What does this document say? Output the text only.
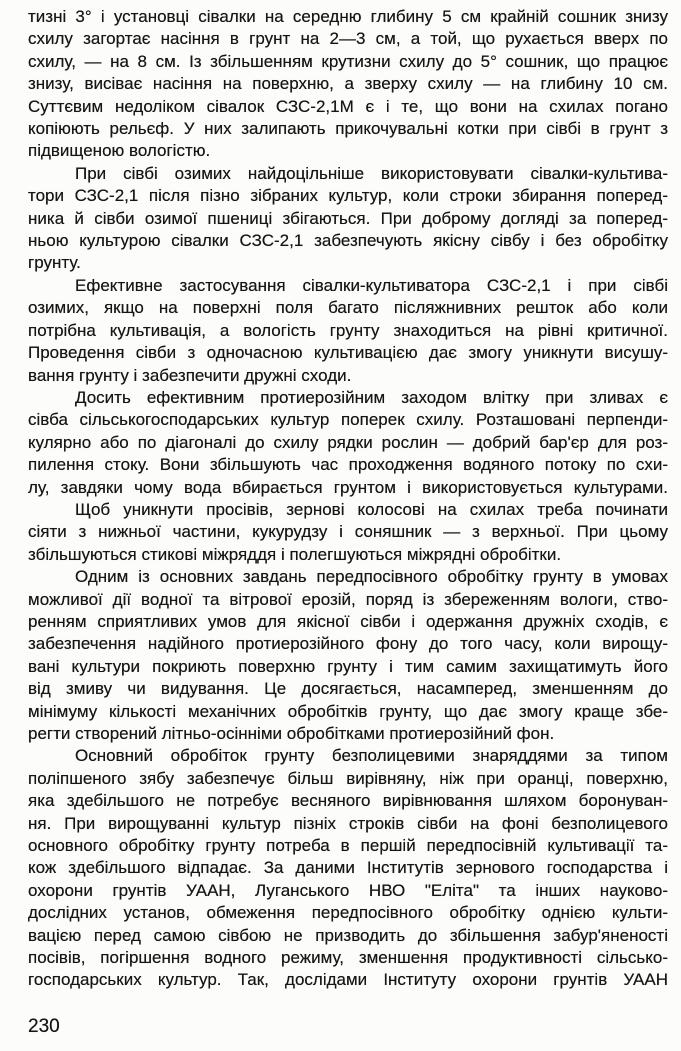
тизні 3° і установці сівалки на середню глибину 5 см крайній сошник знизу
схилу загортає насіння в грунт на 2—3 см, а той, що рухається вверх по
схилу, — на 8 см. Із збільшенням крутизни схилу до 5° сошник, що працює
знизу, висіває насіння на поверхню, а зверху схилу — на глибину 10 см.
Суттєвим недоліком сівалок СЗС-2,1М є і те, що вони на схилах погано
копіюють рельєф. У них залипають прикочувальні котки при сівбі в грунт з
підвищеною вологістю.
При сівбі озимих найдоцільніше використовувати сівалки-культива-
тори СЗС-2,1 після пізно зібраних культур, коли строки збирання поперед-
ника й сівби озимої пшениці збігаються. При доброму догляді за поперед-
ньою культурою сівалки СЗС-2,1 забезпечують якісну сівбу і без обробітку
грунту.
Ефективне застосування сівалки-культиватора СЗС-2,1 і при сівбі
озимих, якщо на поверхні поля багато післяжнивних решток або коли
потрібна культивація, а вологість грунту знаходиться на рівні критичної.
Проведення сівби з одночасною культивацією дає змогу уникнути висушу-
вання грунту і забезпечити дружні сходи.
Досить ефективним протиерозійним заходом влітку при зливах є
сівба сільськогосподарських культур поперек схилу. Розташовані перпенди-
кулярно або по діагоналі до схилу рядки рослин — добрий бар'єр для роз-
пилення стоку. Вони збільшують час проходження водяного потоку по схи-
лу, завдяки чому вода вбирається грунтом і використовується культурами.
Щоб уникнути просівів, зернові колосові на схилах треба починати
сіяти з нижньої частини, кукурудзу і соняшник — з верхньої. При цьому
збільшуються стикові міжряддя і полегшуються міжрядні обробітки.
Одним із основних завдань передпосівного обробітку грунту в умовах
можливої дії водної та вітрової ерозій, поряд із збереженням вологи, ство-
ренням сприятливих умов для якісної сівби і одержання дружніх сходів, є
забезпечення надійного протиерозійного фону до того часу, коли вирощу-
вані культури покриють поверхню грунту і тим самим захищатимуть його
від змиву чи видування. Це досягається, насамперед, зменшенням до
мінімуму кількості механічних обробітків грунту, що дає змогу краще збе-
регти створений літньо-осінніми обробітками протиерозійний фон.
Основний обробіток грунту безполицевими знаряддями за типом
поліпшеного зябу забезпечує більш вирівняну, ніж при оранці, поверхню,
яка здебільшого не потребує весняного вирівнювання шляхом боронуван-
ня. При вирощуванні культур пізніх строків сівби на фоні безполицевого
основного обробітку грунту потреба в першій передпосівній культивації та-
кож здебільшого відпадає. За даними Інститутів зернового господарства і
охорони грунтів УААН, Луганського НВО "Еліта" та інших науково-
дослідних установ, обмеження передпосівного обробітку однією культи-
вацією перед самою сівбою не призводить до збільшення забур'яненості
посівів, погіршення водного режиму, зменшення продуктивності сільсько-
господарських культур. Так, дослідами Інституту охорони грунтів УААН
230
